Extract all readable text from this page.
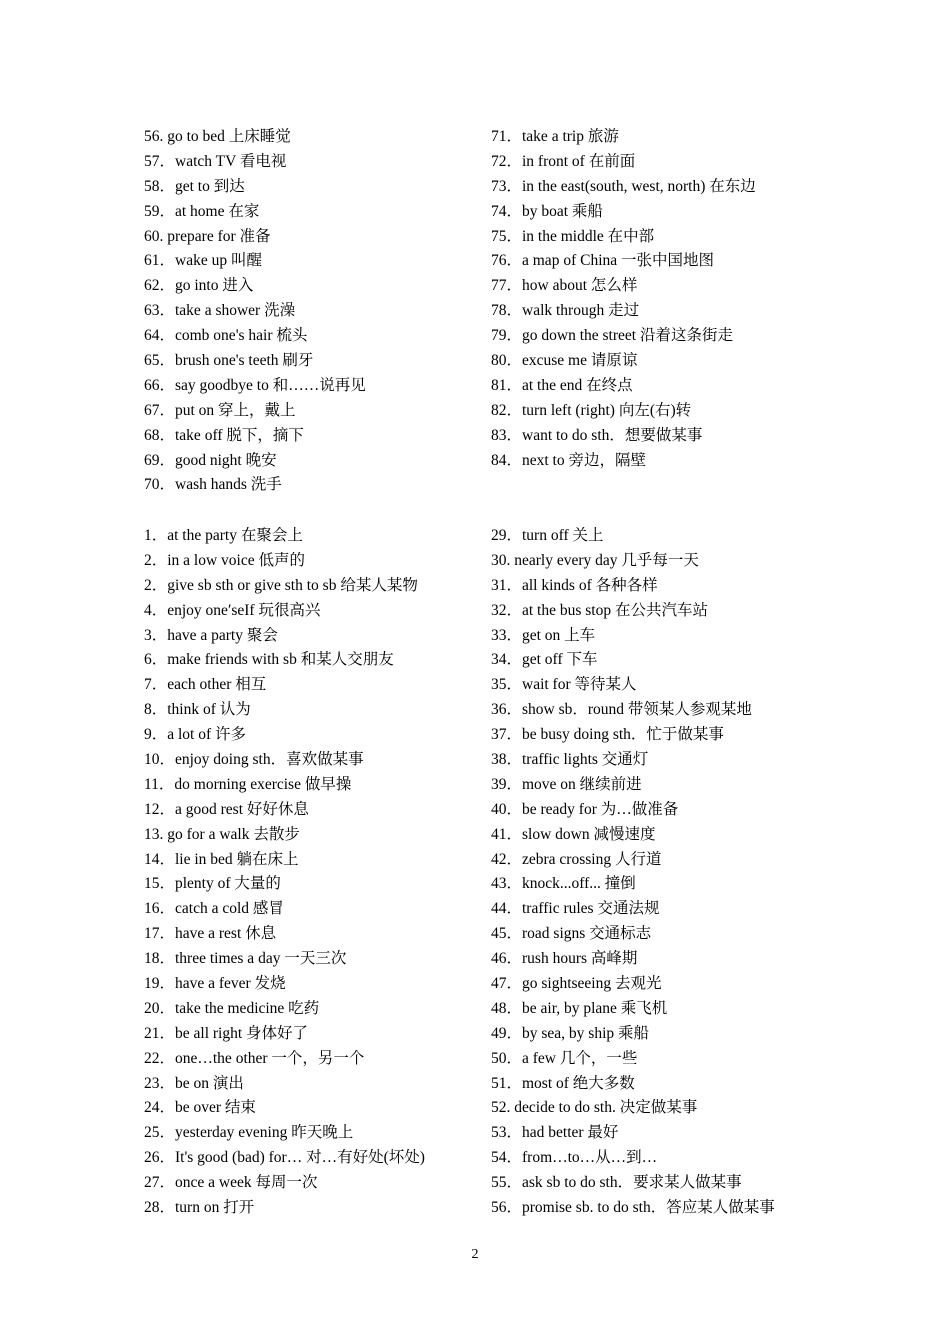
56. go to bed 上床睡觉
57．watch TV 看电视
58．get to 到达
59．at home 在家
60. prepare for 准备
61．wake up 叫醒
62．go into 进入
63．take a shower 洗澡
64．comb one's hair 梳头
65．brush one's teeth 刷牙
66．say goodbye to 和……说再见
67．put on 穿上，戴上
68．take off 脱下，摘下
69．good night 晚安
70．wash hands 洗手
71．take a trip 旅游
72．in front of 在前面
73．in the east(south, west, north) 在东边
74．by boat 乘船
75．in the middle 在中部
76．a map of China 一张中国地图
77．how about 怎么样
78．walk through 走过
79．go down the street 沿着这条街走
80．excuse me 请原谅
81．at the end 在终点
82．turn left (right) 向左(右)转
83．want to do sth．想要做某事
84．next to 旁边，隔壁
1．at the party 在聚会上
2．in a low voice 低声的
2．give sb sth or give sth to sb 给某人某物
4．enjoy one′seIf 玩很高兴
3．have a party 聚会
6．make friends with sb 和某人交朋友
7．each other 相互
8．think of 认为
9．a lot of 许多
10．enjoy doing sth．喜欢做某事
11．do morning exercise 做早操
12．a good rest 好好休息
13. go for a walk 去散步
14．lie in bed 躺在床上
15．plenty of 大量的
16．catch a cold 感冒
17．have a rest 休息
18．three times a day 一天三次
19．have a fever 发烧
20．take the medicine 吃药
21．be all right 身体好了
22．one…the other 一个，另一个
23．be on 演出
24．be over 结束
25．yesterday evening 昨天晚上
26．It's good (bad) for… 对…有好处(坏处)
27．once a week 每周一次
28．turn on 打开
29．turn off 关上
30. nearly every day 几乎每一天
31．all kinds of 各种各样
32．at the bus stop 在公共汽车站
33．get on 上车
34．get off 下车
35．wait for 等待某人
36．show sb．round 带领某人参观某地
37．be busy doing sth．忙于做某事
38．traffic lights 交通灯
39．move on 继续前进
40．be ready for 为…做准备
41．slow down 减慢速度
42．zebra crossing 人行道
43．knock...off... 撞倒
44．traffic rules 交通法规
45．road signs 交通标志
46．rush hours 高峰期
47．go sightseeing 去观光
48．be air, by plane 乘飞机
49．by sea, by ship 乘船
50．a few 几个，一些
51．most of 绝大多数
52. decide to do sth. 决定做某事
53．had better 最好
54．from…to…从…到…
55．ask sb to do sth．要求某人做某事
56．promise sb. to do sth．答应某人做某事
2
